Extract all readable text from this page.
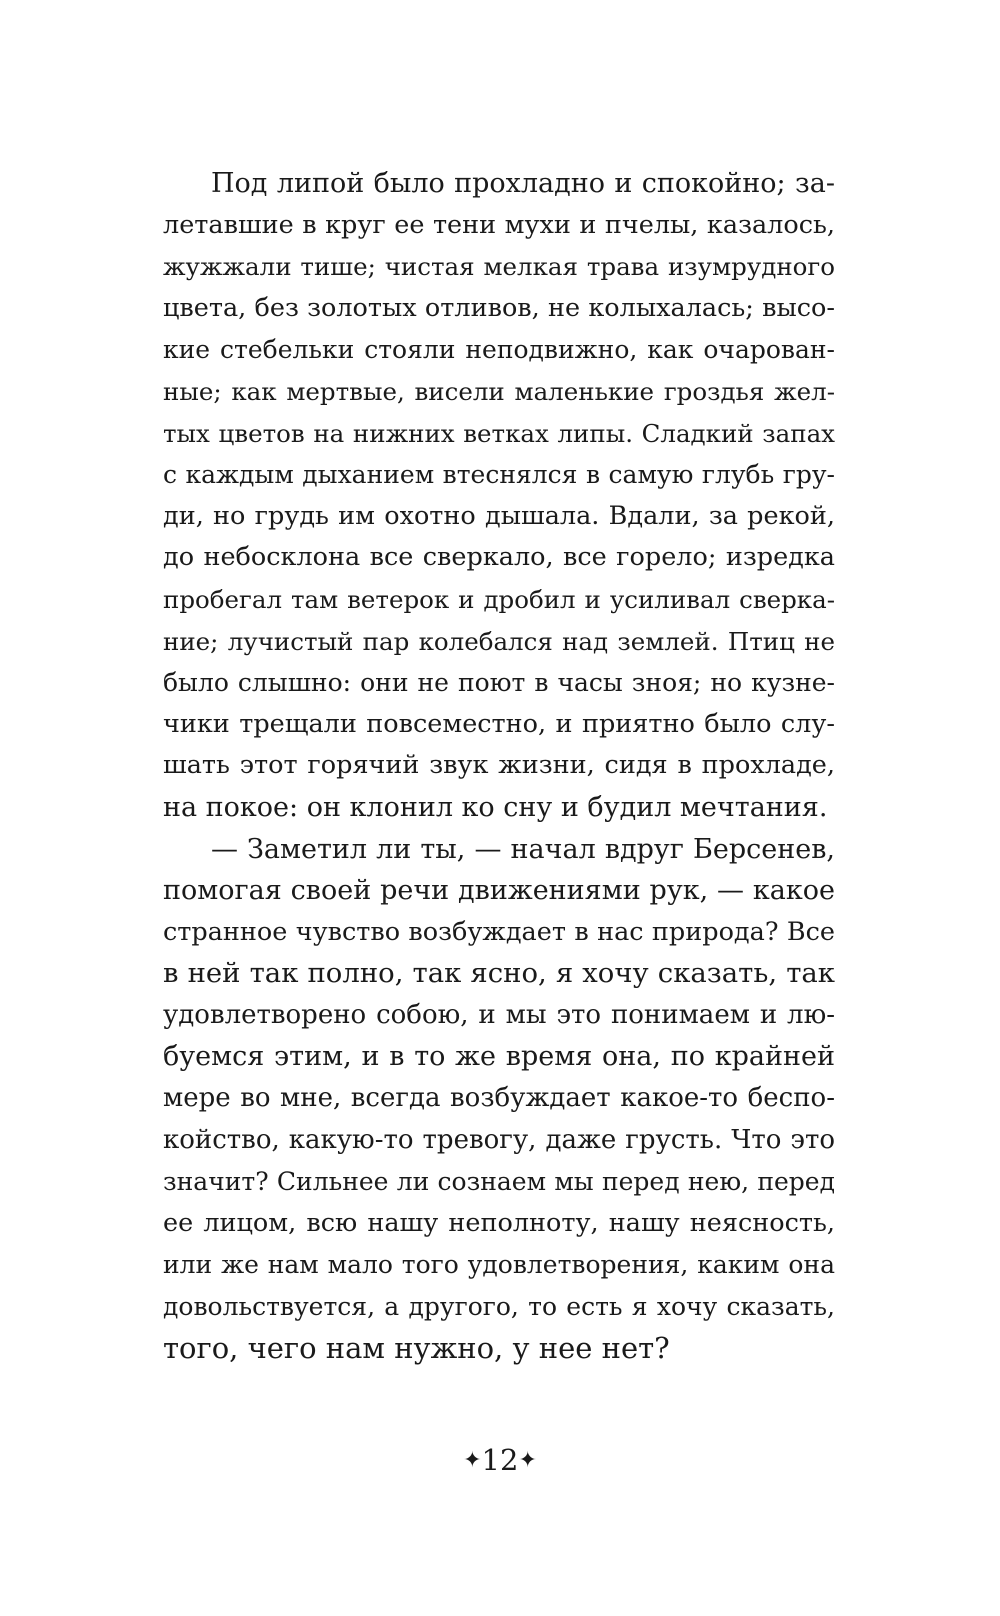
Под липой было прохладно и спокойно; за-
летавшие в круг ее тени мухи и пчелы, казалось,
жужжали тише; чистая мелкая трава изумрудного
цвета, без золотых отливов, не колыхалась; высо-
кие стебельки стояли неподвижно, как очарован-
ные; как мертвые, висели маленькие гроздья жел-
тых цветов на нижних ветках липы. Сладкий запах
с каждым дыханием втеснялся в самую глубь гру-
ди, но грудь им охотно дышала. Вдали, за рекой,
до небосклона все сверкало, все горело; изредка
пробегал там ветерок и дробил и усиливал сверка-
ние; лучистый пар колебался над землей. Птиц не
было слышно: они не поют в часы зноя; но кузне-
чики трещали повсеместно, и приятно было слу-
шать этот горячий звук жизни, сидя в прохладе,
на покое: он клонил ко сну и будил мечтания.
— Заметил ли ты, — начал вдруг Берсенев,
помогая своей речи движениями рук, — какое
странное чувство возбуждает в нас природа? Все
в ней так полно, так ясно, я хочу сказать, так
удовлетворено собою, и мы это понимаем и лю-
буемся этим, и в то же время она, по крайней
мере во мне, всегда возбуждает какое-то беспо-
койство, какую-то тревогу, даже грусть. Что это
значит? Сильнее ли сознаем мы перед нею, перед
ее лицом, всю нашу неполноту, нашу неясность,
или же нам мало того удовлетворения, каким она
довольствуется, а другого, то есть я хочу сказать,
того, чего нам нужно, у нее нет?
✦12✦
